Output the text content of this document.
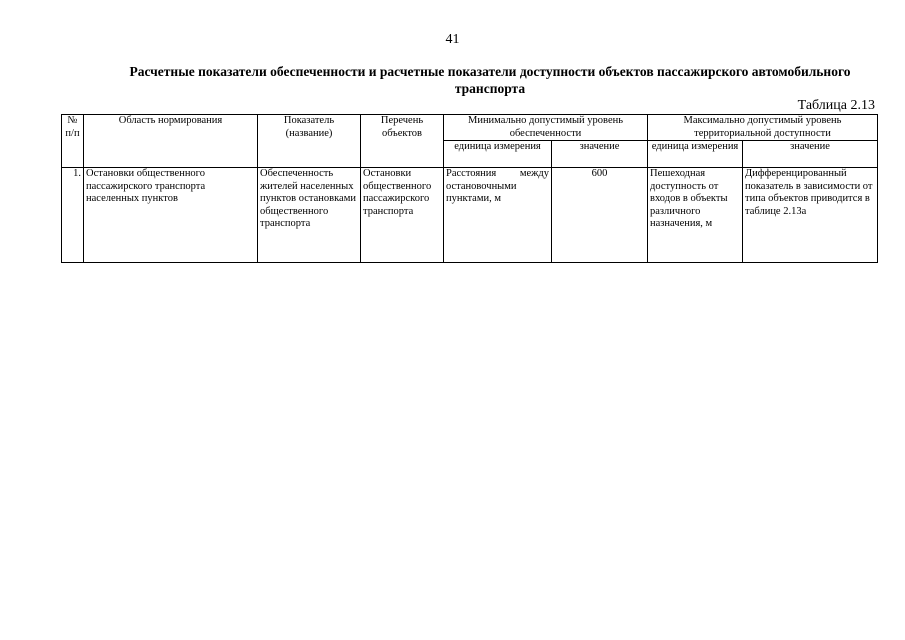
41
Расчетные показатели обеспеченности и расчетные показатели доступности объектов пассажирского автомобильного транспорта
Таблица 2.13
№ п/п	Область нормирования	Показатель (название)	Перечень объектов	Минимально допустимый уровень обеспеченности		Максимально допустимый уровень территориальной доступности	
				единица измерения	значение	единица измерения	значение
1.	Остановки общественного пассажирского транспорта населенных пунктов	Обеспеченность жителей населенных пунктов остановками общественного транспорта	Остановки общественного пассажирского транспорта	Расстояния между остановочными пунктами, м	600	Пешеходная доступность от входов в объекты различного назначения, м	Дифференцированный показатель в зависимости от типа объектов приводится в таблице 2.13а
